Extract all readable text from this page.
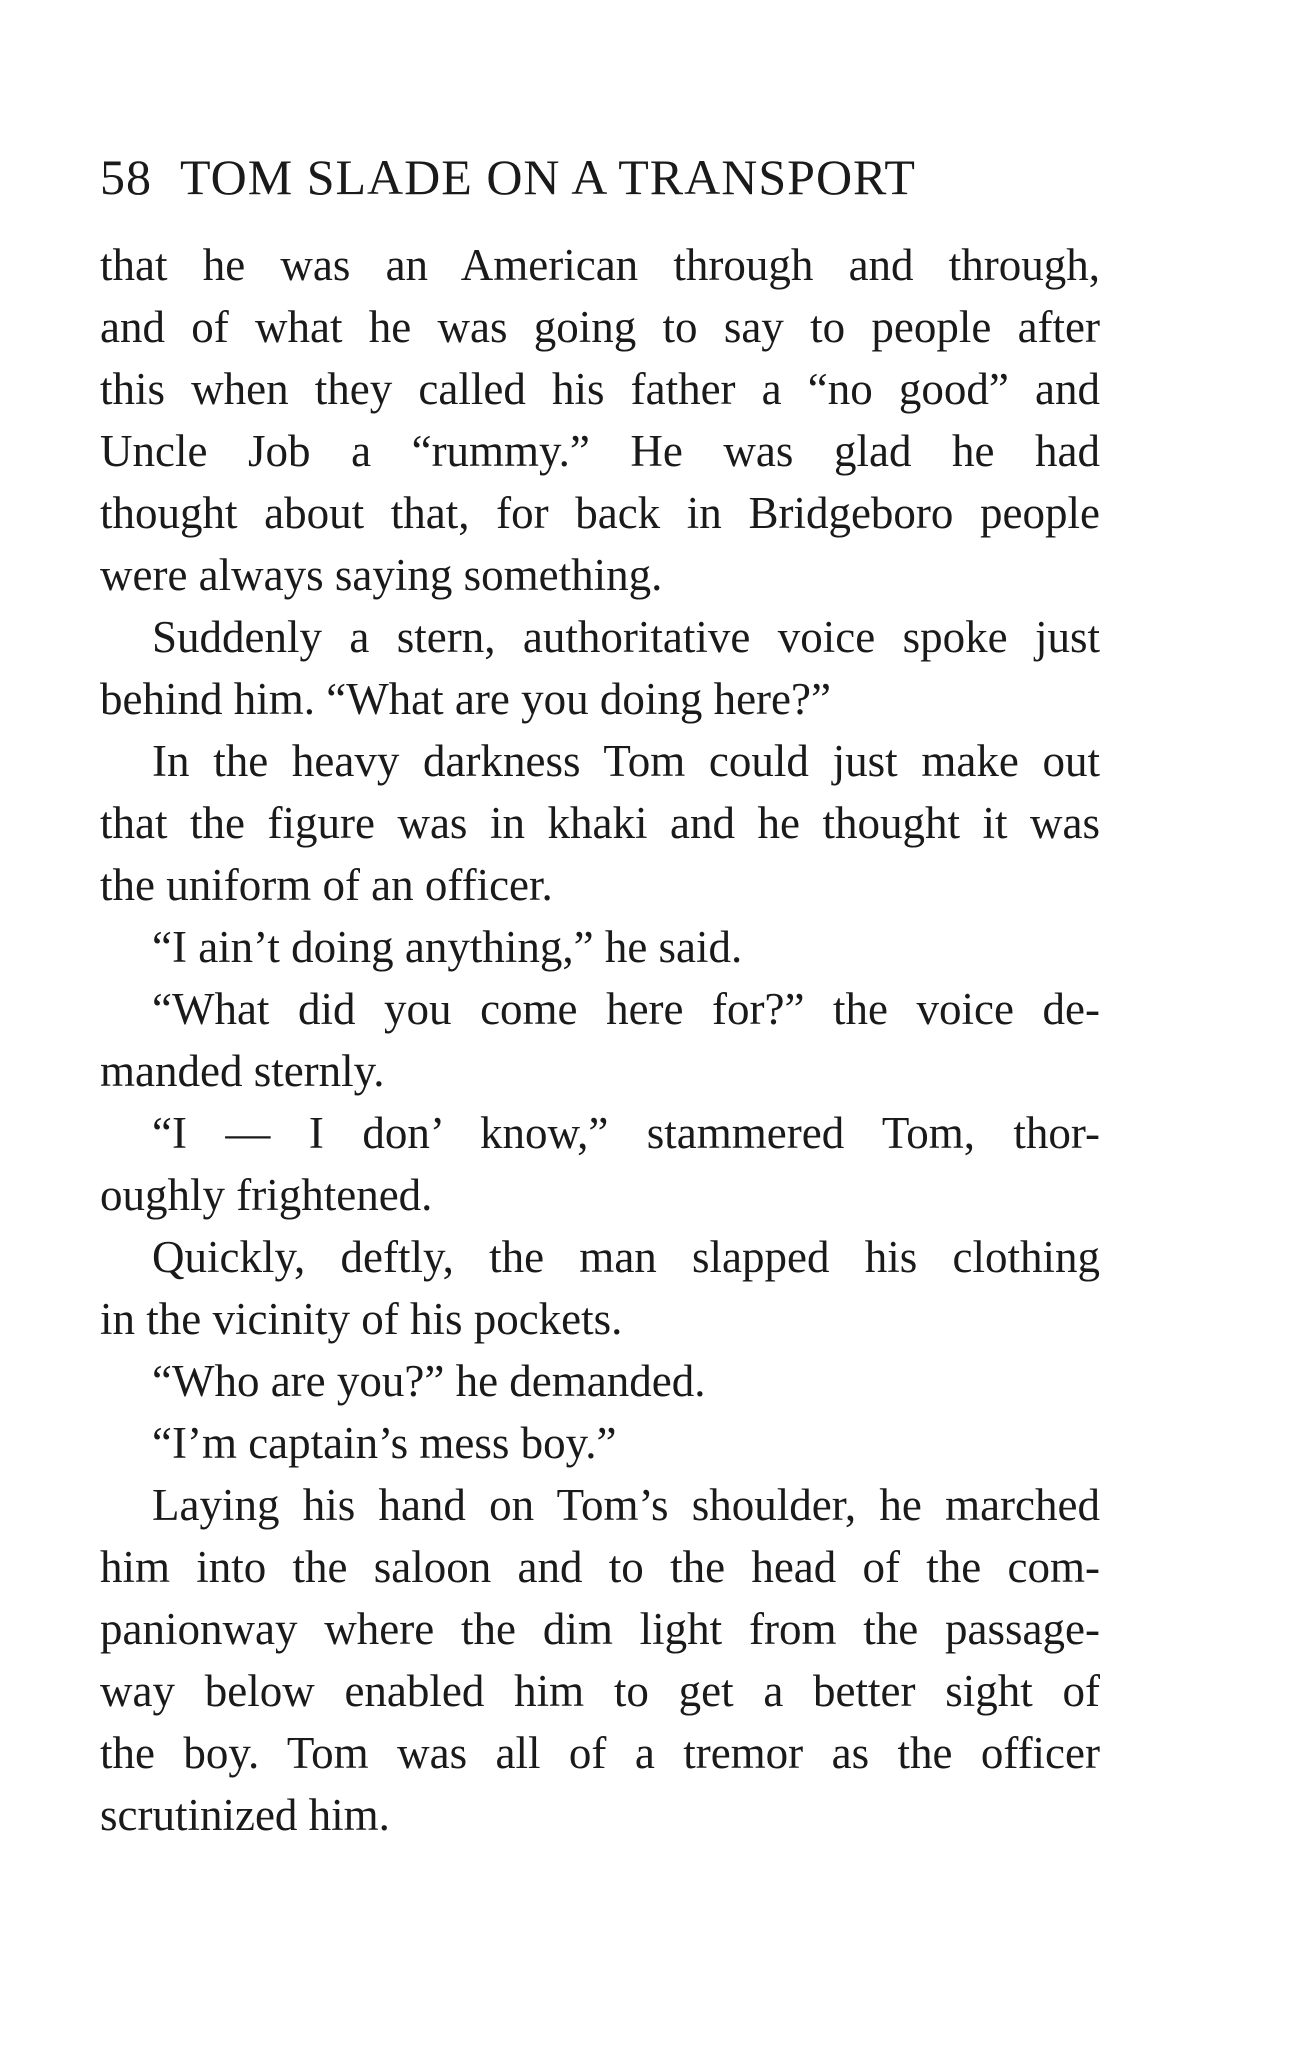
58 TOM SLADE ON A TRANSPORT
that he was an American through and through,
and of what he was going to say to people after
this when they called his father a “no good” and
Uncle Job a “rummy.” He was glad he had
thought about that, for back in Bridgeboro people
were always saying something.
Suddenly a stern, authoritative voice spoke just
behind him. “What are you doing here?”
In the heavy darkness Tom could just make out
that the figure was in khaki and he thought it was
the uniform of an officer.
“I ain’t doing anything,” he said.
“What did you come here for?” the voice de-
manded sternly.
“I — I don’ know,” stammered Tom, thor-
oughly frightened.
Quickly, deftly, the man slapped his clothing
in the vicinity of his pockets.
“Who are you?” he demanded.
“I’m captain’s mess boy.”
Laying his hand on Tom’s shoulder, he marched
him into the saloon and to the head of the com-
panionway where the dim light from the passage-
way below enabled him to get a better sight of
the boy. Tom was all of a tremor as the officer
scrutinized him.
